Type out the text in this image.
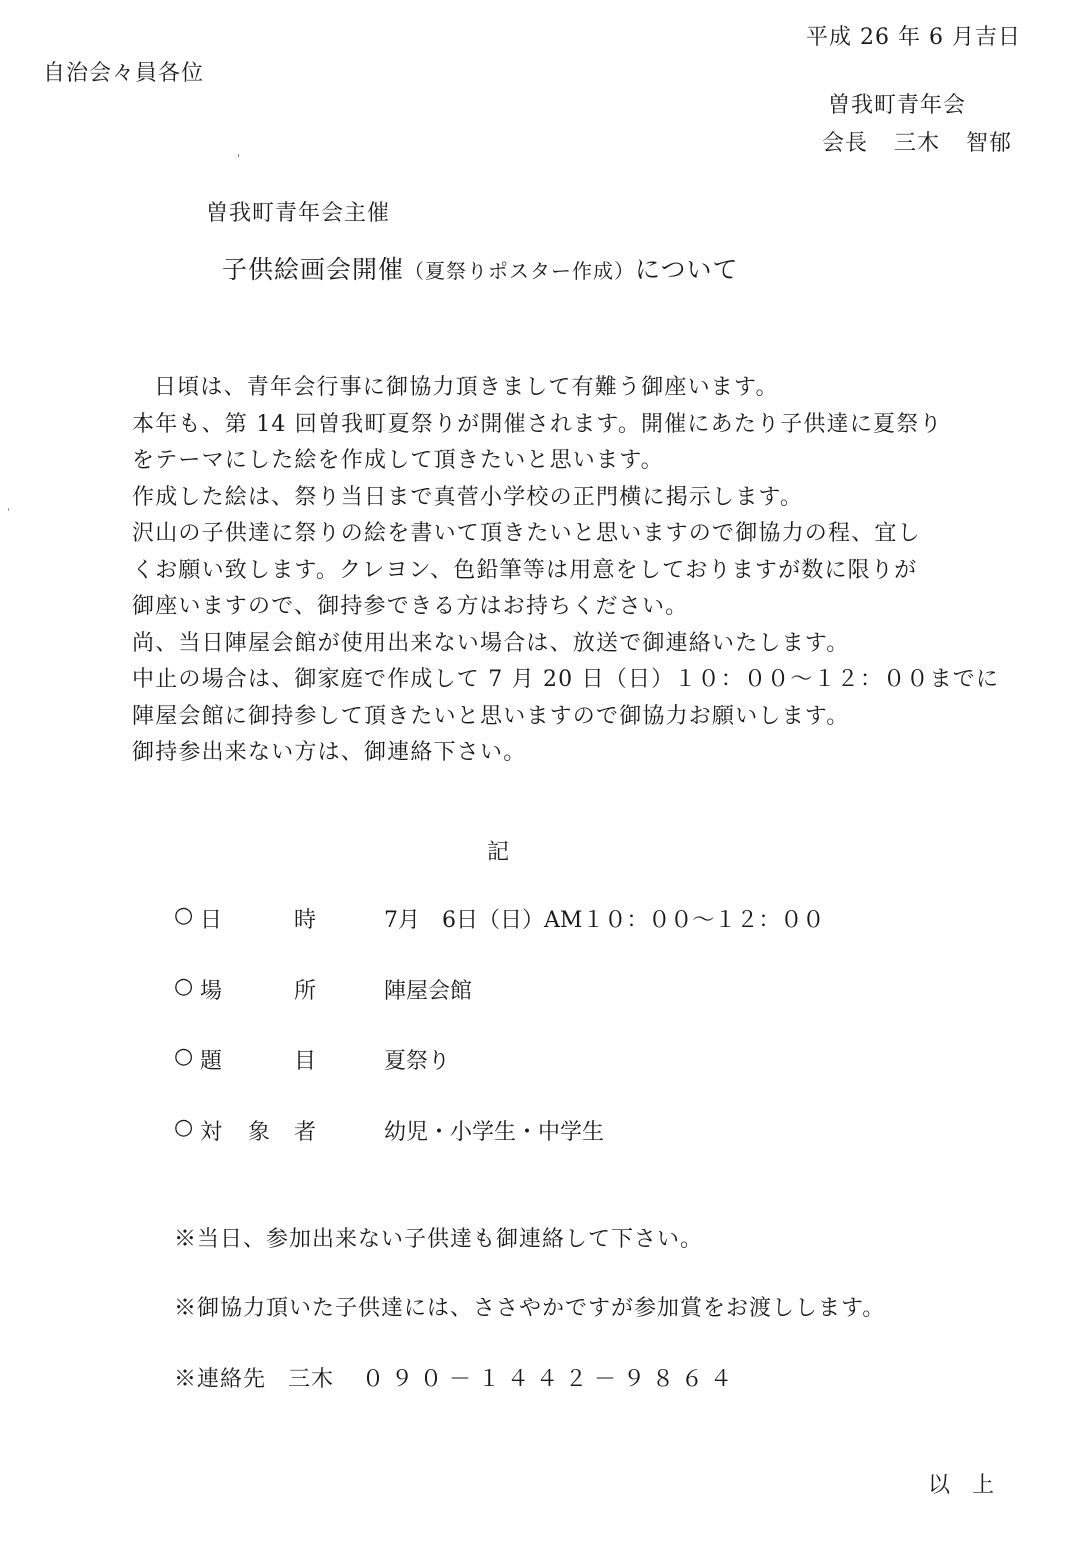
平成 26 年 6 月吉日
自治会々員各位
曽我町青年会
会長 三木 智郁
曽我町青年会主催
子供絵画会開催（夏祭りポスター作成）について
日頃は、青年会行事に御協力頂きまして有難う御座います。
本年も、第 14 回曽我町夏祭りが開催されます。開催にあたり子供達に夏祭り
をテーマにした絵を作成して頂きたいと思います。
作成した絵は、祭り当日まで真菅小学校の正門横に掲示します。
沢山の子供達に祭りの絵を書いて頂きたいと思いますので御協力の程、宜し
くお願い致します。クレヨン、色鉛筆等は用意をしておりますが数に限りが
御座いますので、御持参できる方はお持ちください。
尚、当日陣屋会館が使用出来ない場合は、放送で御連絡いたします。
中止の場合は、御家庭で作成して 7 月 20 日（日）１０：００～１２：００までに
陣屋会館に御持参して頂きたいと思いますので御協力お願いします。
御持参出来ない方は、御連絡下さい。
記
○ 日	時	7月　6日（日）AM１０：００～１２：００
○ 場	所	陣屋会館
○ 題	目	夏祭り
○ 対 象 者	幼児・小学生・中学生
※当日、参加出来ない子供達も御連絡して下さい。
※御協力頂いた子供達には、ささやかですが参加賞をお渡しします。
※連絡先 三木 ０９０－１４４２－９８６４
以 上
